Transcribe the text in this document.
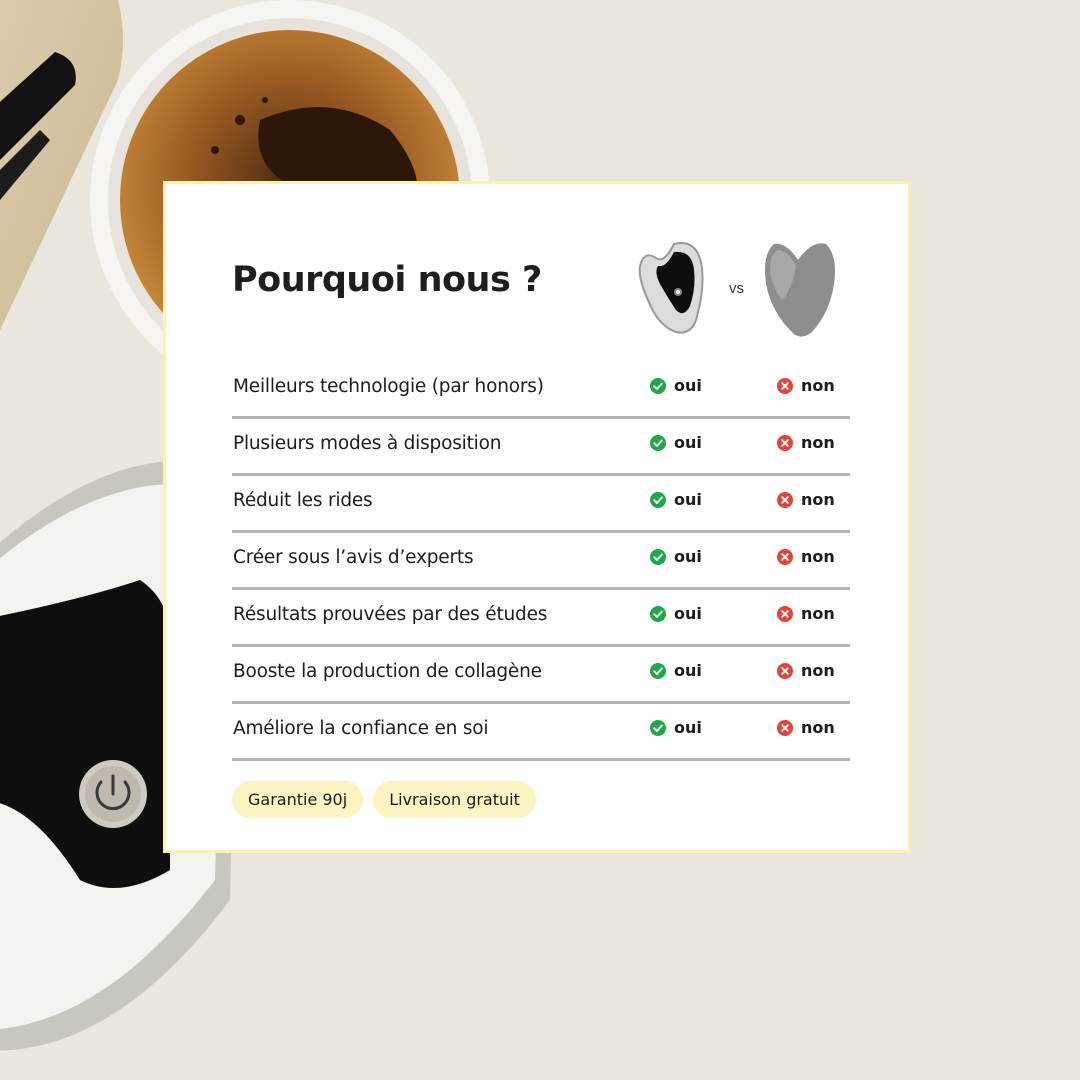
Pourquoi nous ?	vs
Meilleurs technologie (par honors)	oui	non
Plusieurs modes à disposition	oui	non
Réduit les rides	oui	non
Créer sous l’avis d’experts	oui	non
Résultats prouvées par des études	oui	non
Booste la production de collagène	oui	non
Améliore la confiance en soi	oui	non
Garantie 90j	Livraison gratuit
